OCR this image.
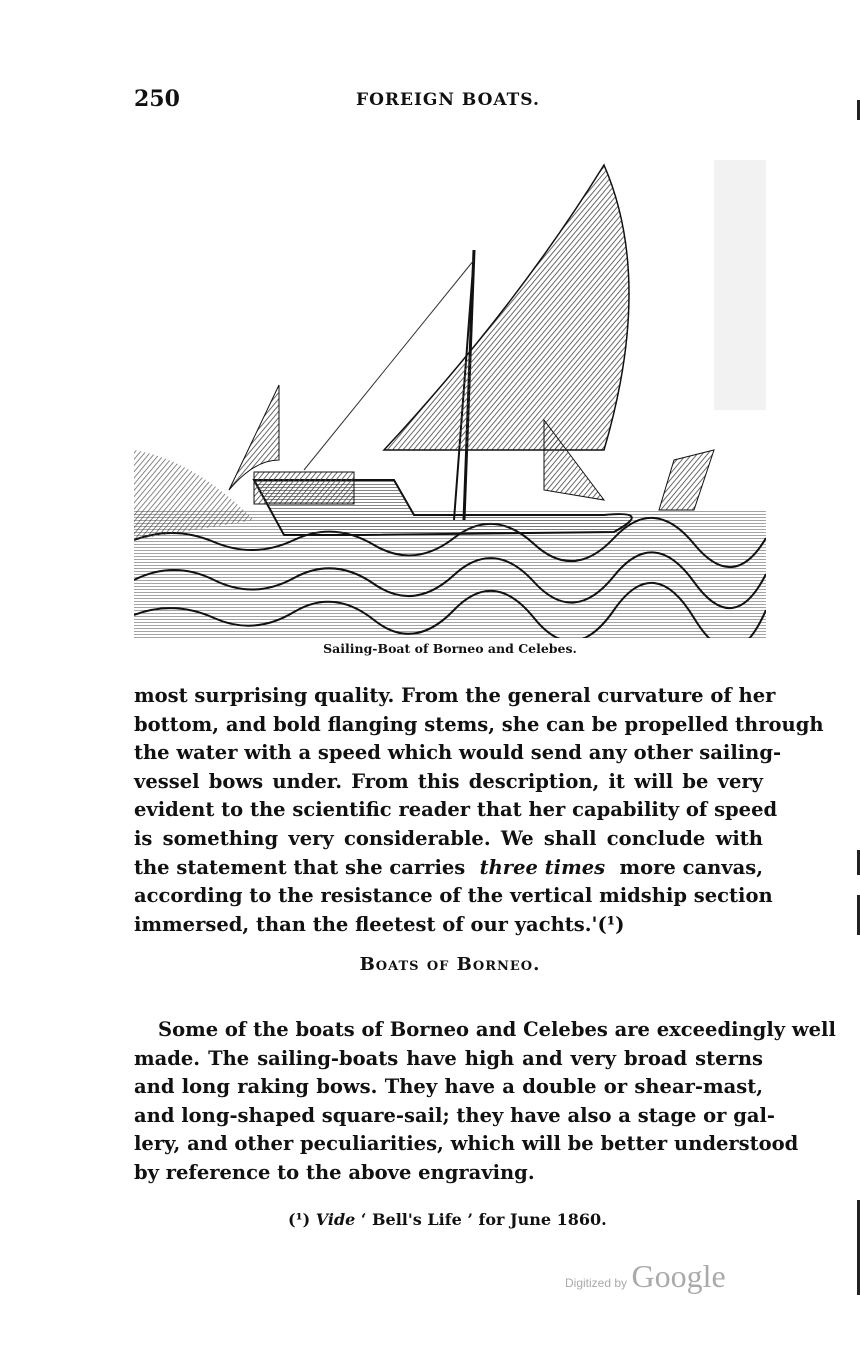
250	FOREIGN BOATS.
Sailing-Boat of Borneo and Celebes.
most surprising quality. From the general curvature of her
bottom, and bold flanging stems, she can be propelled through
the water with a speed which would send any other sailing-
vessel bows under. From this description, it will be very
evident to the scientific reader that her capability of speed
is something very considerable. We shall conclude with
the statement that she carries three times more canvas,
according to the resistance of the vertical midship section
immersed, than the fleetest of our yachts.'(¹)
Boats of Borneo.
Some of the boats of Borneo and Celebes are exceedingly well
made. The sailing-boats have high and very broad sterns
and long raking bows. They have a double or shear-mast,
and long-shaped square-sail; they have also a stage or gal-
lery, and other peculiarities, which will be better understood
by reference to the above engraving.
(¹) Vide ‘ Bell's Life ’ for June 1860.
Digitized by Google
